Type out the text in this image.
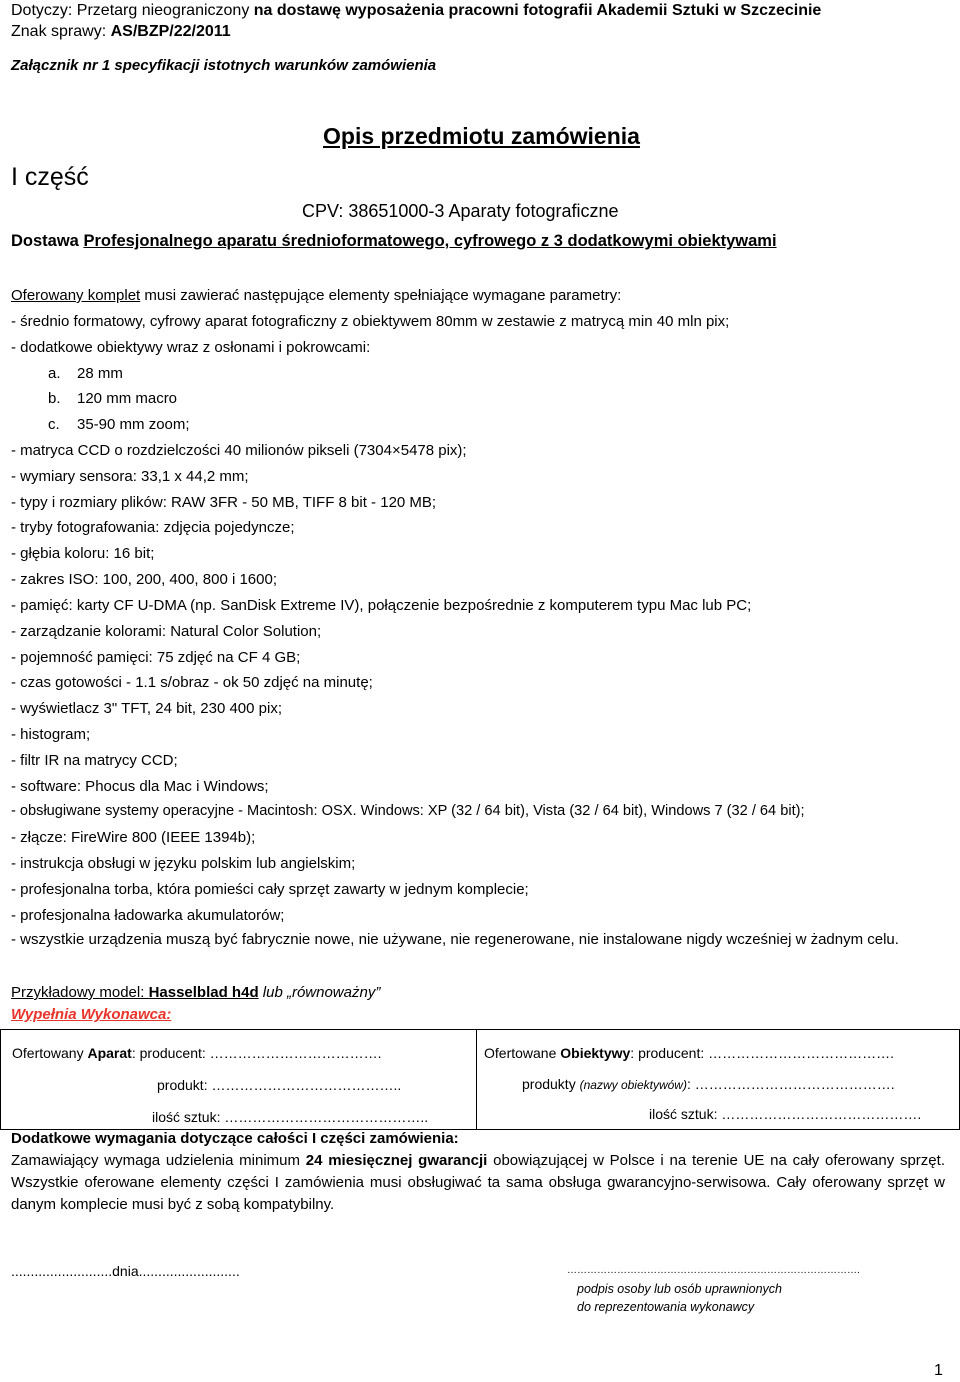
Dotyczy: Przetarg nieograniczony na dostawę wyposażenia pracowni fotografii Akademii Sztuki w Szczecinie
Znak sprawy: AS/BZP/22/2011
Załącznik nr 1 specyfikacji istotnych warunków zamówienia
Opis przedmiotu zamówienia
I część
CPV: 38651000-3 Aparaty fotograficzne
Dostawa Profesjonalnego aparatu średnioformatowego, cyfrowego z 3 dodatkowymi obiektywami
Oferowany komplet musi zawierać następujące elementy spełniające wymagane parametry:
- średnio formatowy, cyfrowy aparat fotograficzny z obiektywem 80mm w zestawie z matrycą min 40 mln pix;
- dodatkowe obiektywy wraz z osłonami i pokrowcami:
a. 28 mm
b. 120 mm macro
c. 35-90 mm zoom;
- matryca CCD o rozdzielczości 40 milionów pikseli (7304×5478 pix);
- wymiary sensora: 33,1 x 44,2 mm;
- typy i rozmiary plików: RAW 3FR - 50 MB, TIFF 8 bit - 120 MB;
- tryby fotografowania: zdjęcia pojedyncze;
- głębia koloru: 16 bit;
- zakres ISO: 100, 200, 400, 800 i 1600;
- pamięć: karty CF U-DMA (np. SanDisk Extreme IV), połączenie bezpośrednie z komputerem typu Mac lub PC;
- zarządzanie kolorami: Natural Color Solution;
- pojemność pamięci: 75 zdjęć na CF 4 GB;
- czas gotowości - 1.1 s/obraz - ok 50 zdjęć na minutę;
- wyświetlacz 3" TFT, 24 bit, 230 400 pix;
- histogram;
- filtr IR na matrycy CCD;
- software: Phocus dla Mac i Windows;
- obsługiwane systemy operacyjne - Macintosh: OSX. Windows: XP (32 / 64 bit), Vista (32 / 64 bit), Windows 7 (32 / 64 bit);
- złącze: FireWire 800 (IEEE 1394b);
- instrukcja obsługi w języku polskim lub angielskim;
- profesjonalna torba, która pomieści cały sprzęt zawarty w jednym komplecie;
- profesjonalna ładowarka akumulatorów;
- wszystkie urządzenia muszą być fabrycznie nowe, nie używane, nie regenerowane, nie instalowane nigdy wcześniej w żadnym celu.
Przykładowy model: Hasselblad h4d lub „równoważny”
Wypełnia Wykonawca:
Ofertowany Aparat: producent: ……………………………….
produkt: …………………………………..
ilość sztuk: ……………………………………..
Ofertowane Obiektywy: producent: ………………………………….
produkty (nazwy obiektywów): …………………………………….
ilość sztuk: …………………………………….
Dodatkowe wymagania dotyczące całości I części zamówienia:
Zamawiający wymaga udzielenia minimum 24 miesięcznej gwarancji obowiązującej w Polsce i na terenie UE na cały oferowany sprzęt. Wszystkie oferowane elementy części I zamówienia musi obsługiwać ta sama obsługa gwarancyjno-serwisowa. Cały oferowany sprzęt w danym komplecie musi być z sobą kompatybilny.
..........................dnia..........................	…………………………………………………………………………….
podpis osoby lub osób uprawnionych
do reprezentowania wykonawcy
1
